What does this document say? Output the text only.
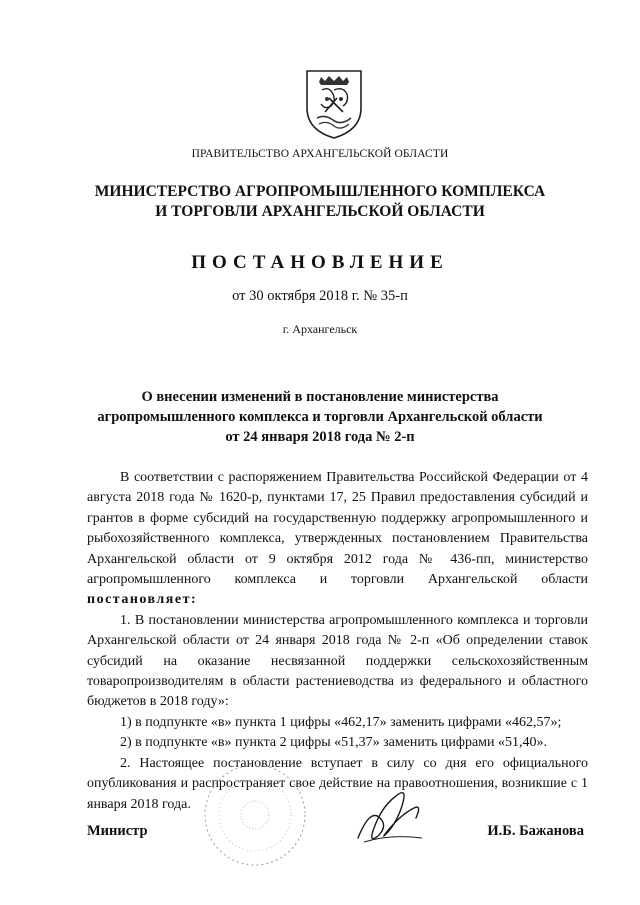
ПРАВИТЕЛЬСТВО АРХАНГЕЛЬСКОЙ ОБЛАСТИ
МИНИСТЕРСТВО АГРОПРОМЫШЛЕННОГО КОМПЛЕКСА
И ТОРГОВЛИ АРХАНГЕЛЬСКОЙ ОБЛАСТИ
ПОСТАНОВЛЕНИЕ
от 30 октября 2018 г. № 35-п
г. Архангельск
О внесении изменений в постановление министерства
агропромышленного комплекса и торговли Архангельской области
от 24 января 2018 года № 2-п

В соответствии с распоряжением Правительства Российской Федерации от 4 августа 2018 года № 1620-р, пунктами 17, 25 Правил предоставления субсидий и грантов в форме субсидий на государственную поддержку агропромышленного и рыбохозяйственного комплекса, утвержденных постановлением Правительства Архангельской области от 9 октября 2012 года № 436-пп, министерство агропромышленного комплекса и торговли Архангельской области постановляет:

1. В постановлении министерства агропромышленного комплекса и торговли Архангельской области от 24 января 2018 года № 2-п «Об определении ставок субсидий на оказание несвязанной поддержки сельскохозяйственным товаропроизводителям в области растениеводства из федерального и областного бюджетов в 2018 году»:

1) в подпункте «в» пункта 1 цифры «462,17» заменить цифрами «462,57»;

2) в подпункте «в» пункта 2 цифры «51,37» заменить цифрами «51,40».

2. Настоящее постановление вступает в силу со дня его официального опубликования и распространяет свое действие на правоотношения, возникшие с 1 января 2018 года.

Министр	И.Б. Бажанова
